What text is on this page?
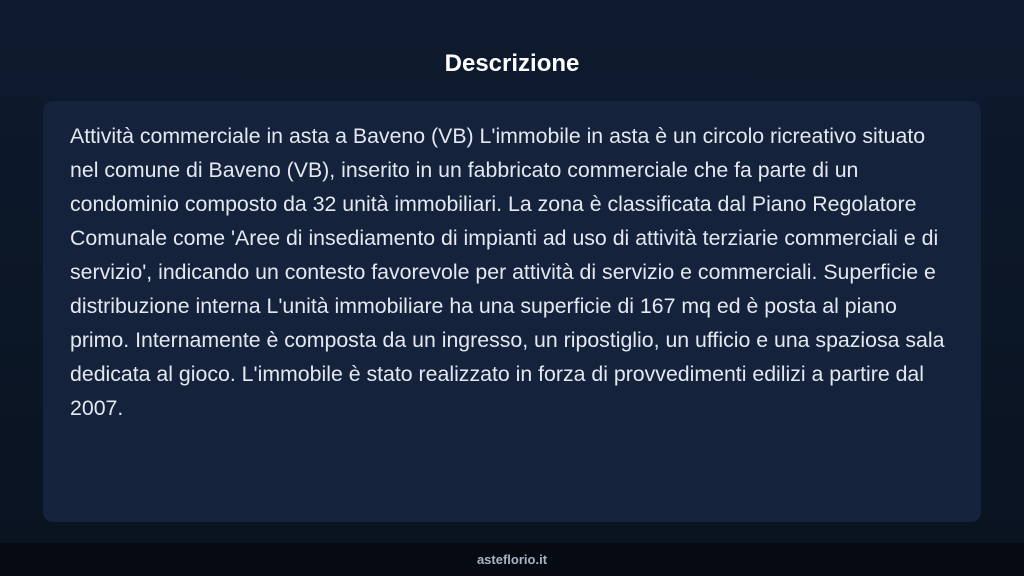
Descrizione

Attività commerciale in asta a Baveno (VB) L'immobile in asta è un circolo ricreativo situato nel comune di Baveno (VB), inserito in un fabbricato commerciale che fa parte di un condominio composto da 32 unità immobiliari. La zona è classificata dal Piano Regolatore Comunale come 'Aree di insediamento di impianti ad uso di attività terziarie commerciali e di servizio', indicando un contesto favorevole per attività di servizio e commerciali. Superficie e distribuzione interna L'unità immobiliare ha una superficie di 167 mq ed è posta al piano primo. Internamente è composta da un ingresso, un ripostiglio, un ufficio e una spaziosa sala dedicata al gioco. L'immobile è stato realizzato in forza di provvedimenti edilizi a partire dal 2007.

asteflorio.it
